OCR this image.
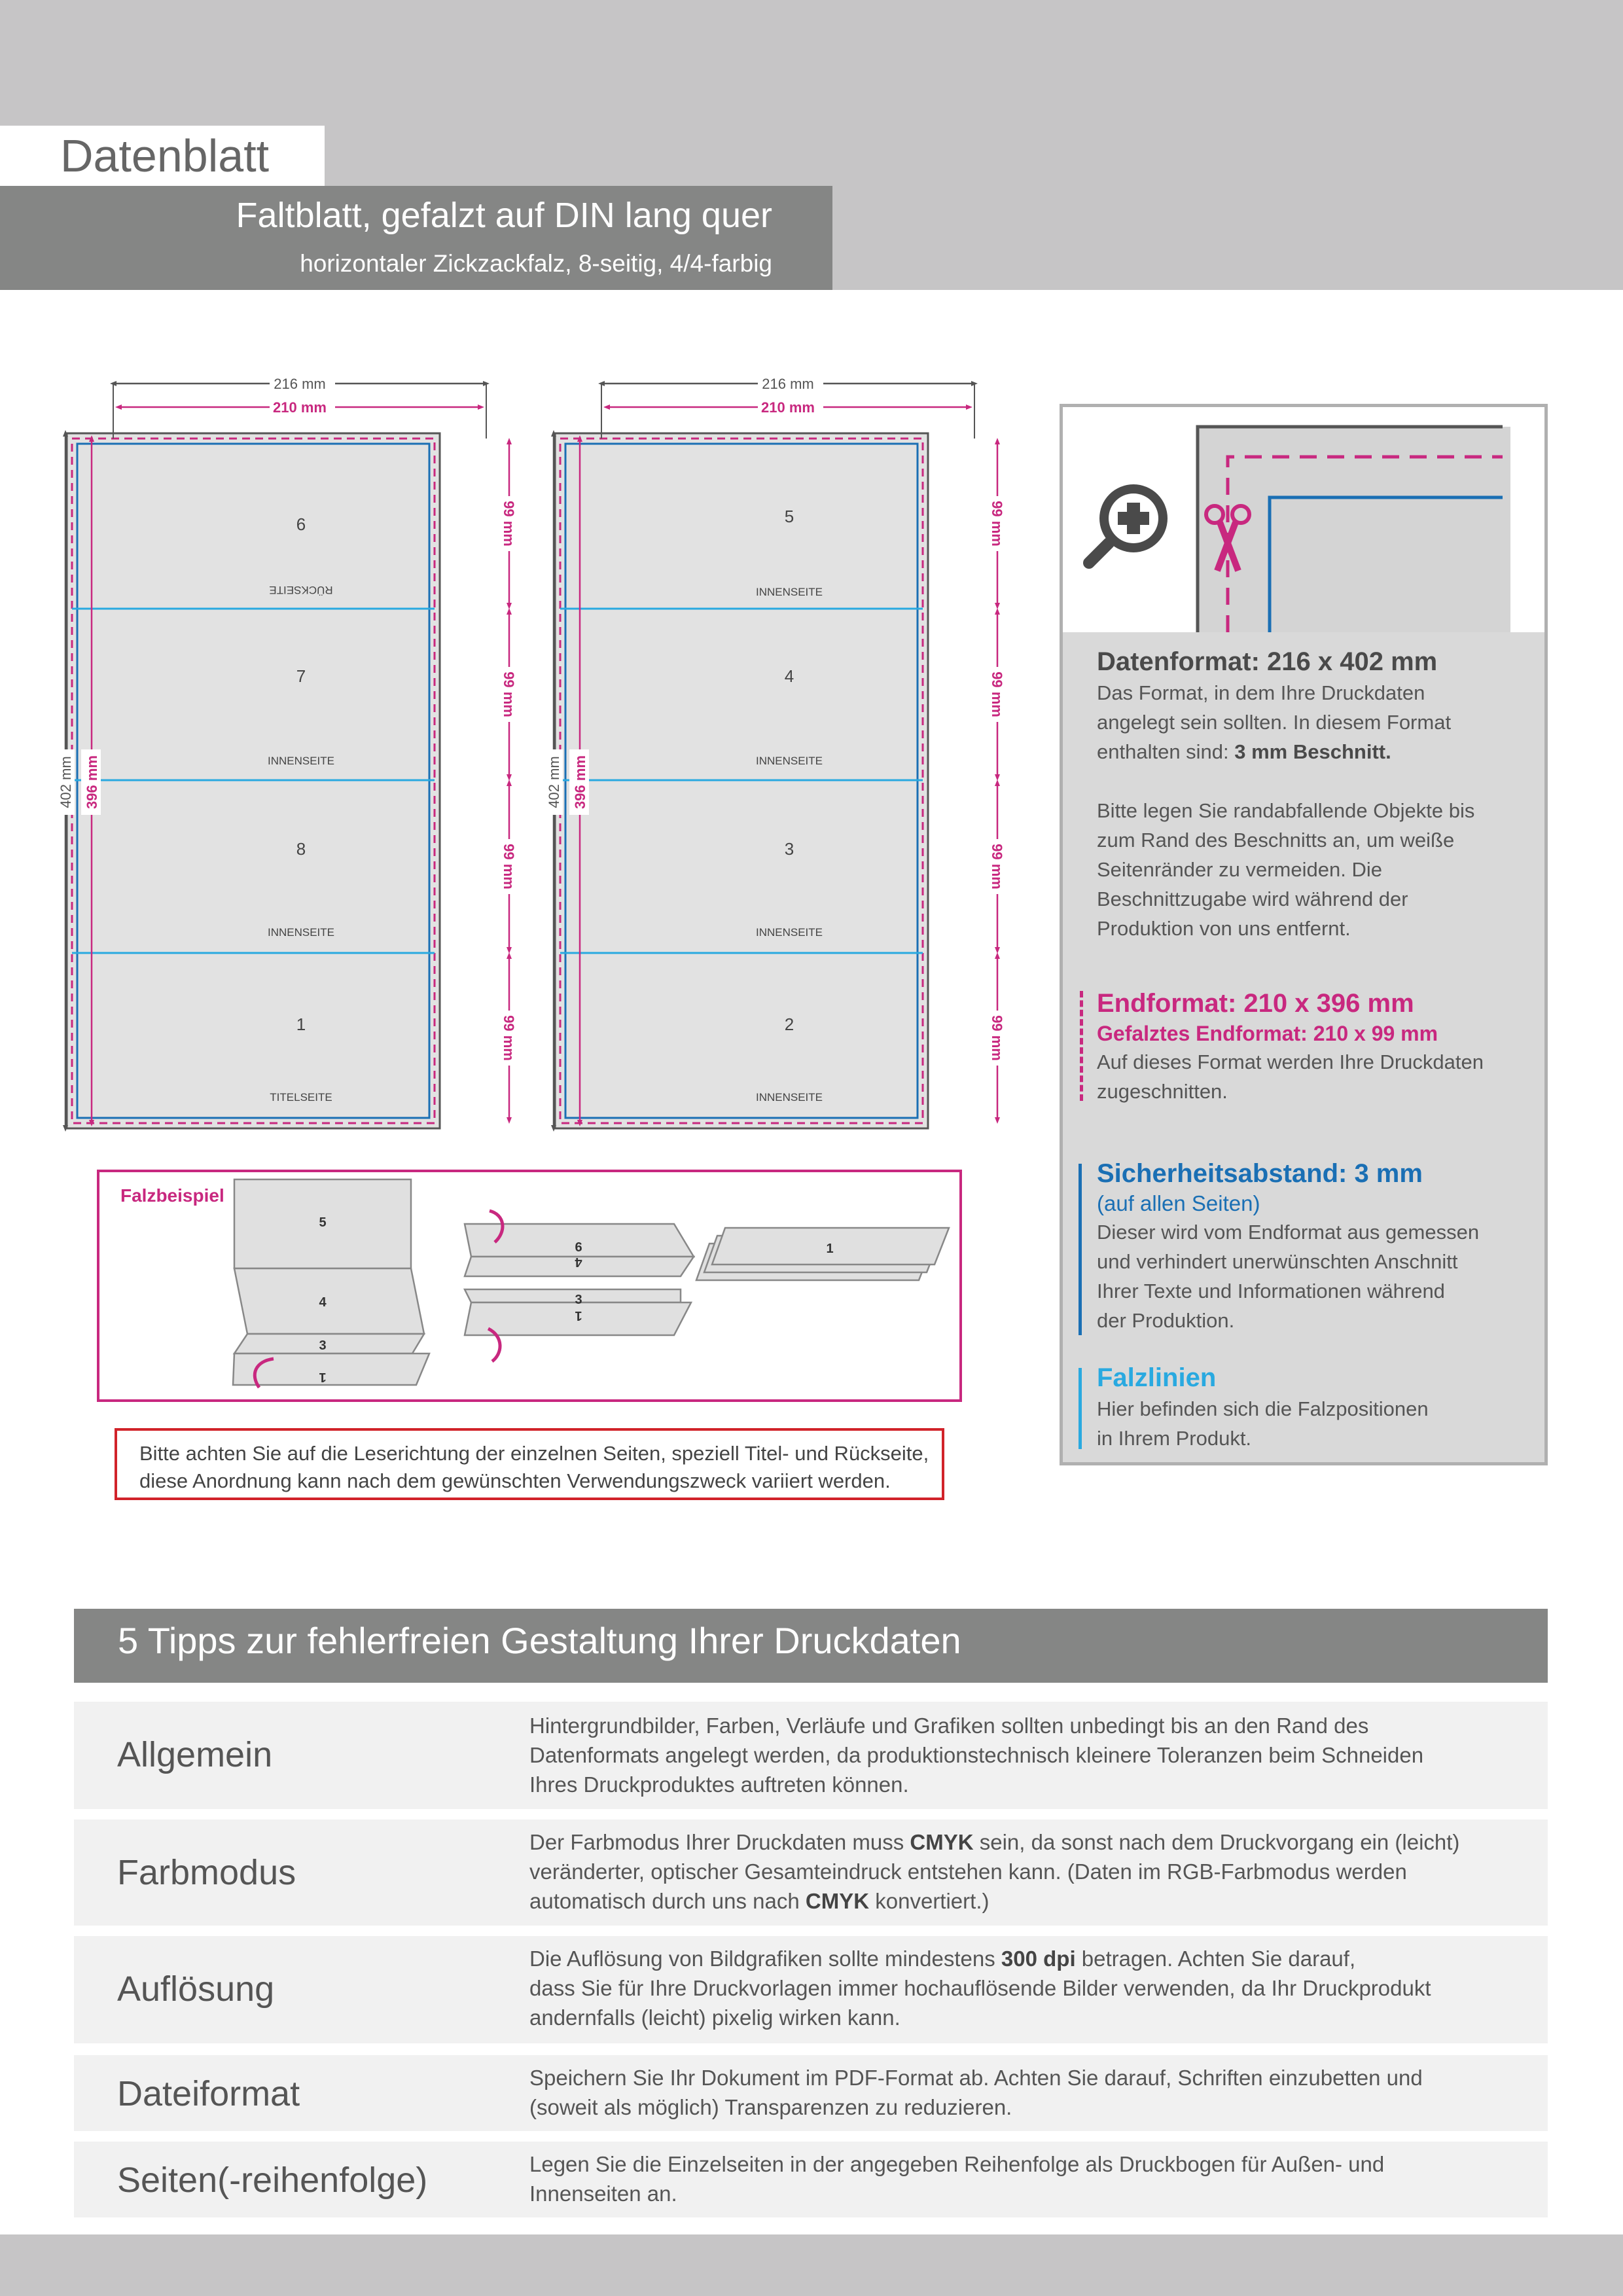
Datenblatt
Faltblatt, gefalzt auf DIN lang quer
horizontaler Zickzackfalz, 8-seitig, 4/4-farbig
216 mm
210 mm
216 mm
210 mm
402 mm 396 mm	402 mm 396 mm
99 mm
99 mm
99 mm
99 mm
99 mm
99 mm
99 mm
99 mm
9
RÜCKSEITE
7
INNENSEITE
8
INNENSEITE
1
TITELSEITE
5
INNENSEITE
4
INNENSEITE
3
INNENSEITE
2
INNENSEITE
Datenformat: 216 x 402 mm
Das Format, in dem Ihre Druckdaten
angelegt sein sollten. In diesem Format
enthalten sind: 3 mm Beschnitt.
Bitte legen Sie randabfallende Objekte bis
zum Rand des Beschnitts an, um weiße
Seitenränder zu vermeiden. Die
Beschnittzugabe wird während der
Produktion von uns entfernt.
Endformat: 210 x 396 mm
Gefalztes Endformat: 210 x 99 mm
Auf dieses Format werden Ihre Druckdaten
zugeschnitten.
Sicherheitsabstand: 3 mm
(auf allen Seiten)
Dieser wird vom Endformat aus gemessen
und verhindert unerwünschten Anschnitt
Ihrer Texte und Informationen während
der Produktion.
Falzlinien
Hier befinden sich die Falzpositionen
in Ihrem Produkt.
Falzbeispiel
5
4
3
1
9
4
3
1
1
Bitte achten Sie auf die Leserichtung der einzelnen Seiten, speziell Titel- und Rückseite,
diese Anordnung kann nach dem gewünschten Verwendungszweck variiert werden.
5 Tipps zur fehlerfreien Gestaltung Ihrer Druckdaten
Allgemein
Hintergrundbilder, Farben, Verläufe und Grafiken sollten unbedingt bis an den Rand des
Datenformats angelegt werden, da produktionstechnisch kleinere Toleranzen beim Schneiden
Ihres Druckproduktes auftreten können.
Farbmodus
Der Farbmodus Ihrer Druckdaten muss CMYK sein, da sonst nach dem Druckvorgang ein (leicht)
veränderter, optischer Gesamteindruck entstehen kann. (Daten im RGB-Farbmodus werden
automatisch durch uns nach CMYK konvertiert.)
Auflösung
Die Auflösung von Bildgrafiken sollte mindestens 300 dpi betragen. Achten Sie darauf,
dass Sie für Ihre Druckvorlagen immer hochauflösende Bilder verwenden, da Ihr Druckprodukt
andernfalls (leicht) pixelig wirken kann.
Dateiformat	Speichern Sie Ihr Dokument im PDF-Format ab. Achten Sie darauf, Schriften einzubetten und
(soweit als möglich) Transparenzen zu reduzieren.
Seiten(-reihenfolge)	Legen Sie die Einzelseiten in der angegeben Reihenfolge als Druckbogen für Außen- und
Innenseiten an.
